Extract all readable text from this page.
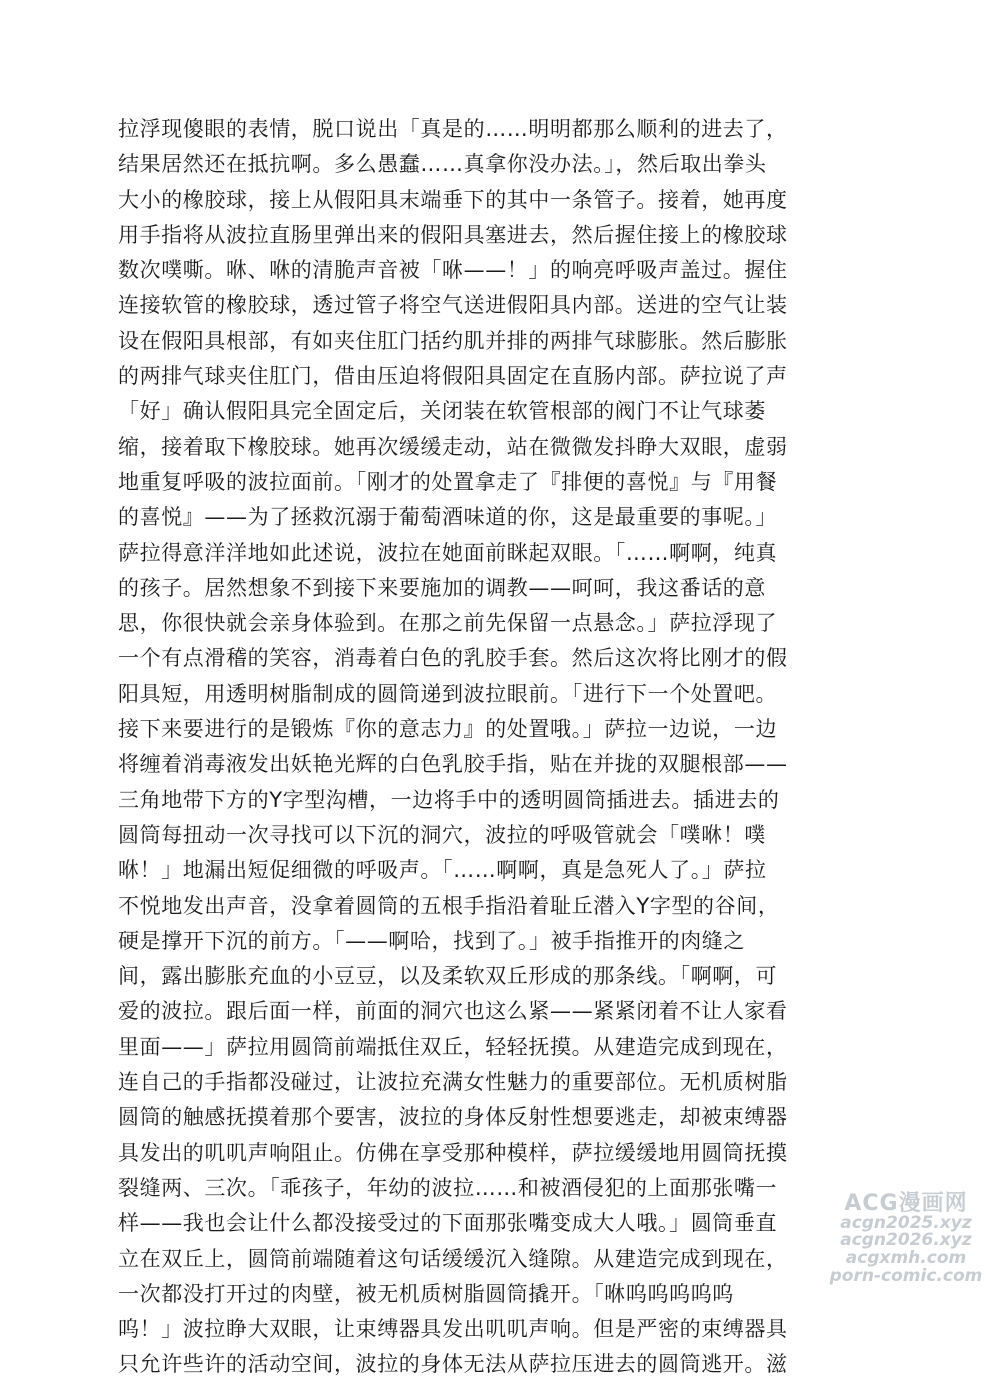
拉浮现傻眼的表情，脱口说出「真是的……明明都那么顺利的进去了，
结果居然还在抵抗啊。多么愚蠢……真拿你没办法。」，然后取出拳头
大小的橡胶球，接上从假阳具末端垂下的其中一条管子。接着，她再度
用手指将从波拉直肠里弹出来的假阳具塞进去，然后握住接上的橡胶球
数次噗嘶。咻、咻的清脆声音被「咻——！」的响亮呼吸声盖过。握住
连接软管的橡胶球，透过管子将空气送进假阳具内部。送进的空气让装
设在假阳具根部，有如夹住肛门括约肌并排的两排气球膨胀。然后膨胀
的两排气球夹住肛门，借由压迫将假阳具固定在直肠内部。萨拉说了声
「好」确认假阳具完全固定后，关闭装在软管根部的阀门不让气球萎
缩，接着取下橡胶球。她再次缓缓走动，站在微微发抖睁大双眼，虚弱
地重复呼吸的波拉面前。「刚才的处置拿走了『排便的喜悦』与『用餐
的喜悦』——为了拯救沉溺于葡萄酒味道的你，这是最重要的事呢。」
萨拉得意洋洋地如此述说，波拉在她面前眯起双眼。「……啊啊，纯真
的孩子。居然想象不到接下来要施加的调教——呵呵，我这番话的意
思，你很快就会亲身体验到。在那之前先保留一点悬念。」萨拉浮现了
一个有点滑稽的笑容，消毒着白色的乳胶手套。然后这次将比刚才的假
阳具短，用透明树脂制成的圆筒递到波拉眼前。「进行下一个处置吧。
接下来要进行的是锻炼『你的意志力』的处置哦。」萨拉一边说，一边
将缠着消毒液发出妖艳光辉的白色乳胶手指，贴在并拢的双腿根部——
三角地带下方的Y字型沟槽，一边将手中的透明圆筒插进去。插进去的
圆筒每扭动一次寻找可以下沉的洞穴，波拉的呼吸管就会「噗咻！噗
咻！」地漏出短促细微的呼吸声。「……啊啊，真是急死人了。」萨拉
不悦地发出声音，没拿着圆筒的五根手指沿着耻丘潜入Y字型的谷间，
硬是撑开下沉的前方。「——啊哈，找到了。」被手指推开的肉缝之
间，露出膨胀充血的小豆豆，以及柔软双丘形成的那条线。「啊啊，可
爱的波拉。跟后面一样，前面的洞穴也这么紧——紧紧闭着不让人家看
里面——」萨拉用圆筒前端抵住双丘，轻轻抚摸。从建造完成到现在，
连自己的手指都没碰过，让波拉充满女性魅力的重要部位。无机质树脂
圆筒的触感抚摸着那个要害，波拉的身体反射性想要逃走，却被束缚器
具发出的叽叽声响阻止。仿佛在享受那种模样，萨拉缓缓地用圆筒抚摸
裂缝两、三次。「乖孩子，年幼的波拉……和被酒侵犯的上面那张嘴一
样——我也会让什么都没接受过的下面那张嘴变成大人哦。」圆筒垂直
立在双丘上，圆筒前端随着这句话缓缓沉入缝隙。从建造完成到现在，
一次都没打开过的肉壁，被无机质树脂圆筒撬开。「咻呜呜呜呜呜
呜！」波拉睁大双眼，让束缚器具发出叽叽声响。但是严密的束缚器具
只允许些许的活动空间，波拉的身体无法从萨拉压进去的圆筒逃开。滋
ACG漫画网
acgn2025.xyz
acgn2026.xyz
acgxmh.com
porn-comic.com
